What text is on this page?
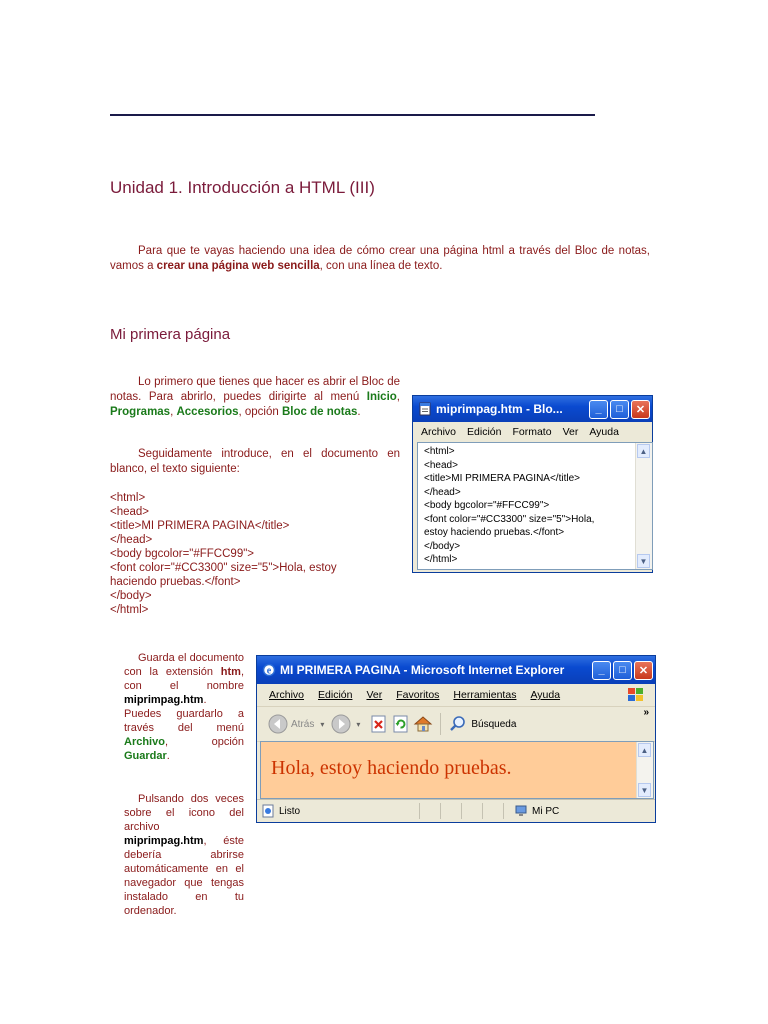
Unidad 1. Introducción a HTML (III)

Para que te vayas haciendo una idea de cómo crear una página html a través del Bloc de notas, vamos a crear una página web sencilla, con una línea de texto.

Mi primera página

Lo primero que tienes que hacer es abrir el Bloc de notas. Para abrirlo, puedes dirigirte al menú Inicio, Programas, Accesorios, opción Bloc de notas.

Seguidamente introduce, en el documento en blanco, el texto siguiente:

<html>
<head>
<title>MI PRIMERA PAGINA</title>
</head>
<body bgcolor="#FFCC99">
<font color="#CC3300" size="5">Hola, estoy
haciendo pruebas.</font>
</body>
</html>
miprimpag.htm - Blo...	_	□	✕
Archivo Edición Formato Ver Ayuda
<html>
<head>
<title>MI PRIMERA PAGINA</title>
</head>
<body bgcolor="#FFCC99">
<font color="#CC3300" size="5">Hola,
estoy haciendo pruebas.</font>
</body>
</html>
▲
▼

Guarda el documento con la extensión htm, con el nombre miprimpag.htm. Puedes guardarlo a través del menú Archivo, opción Guardar.

Pulsando dos veces sobre el icono del archivo miprimpag.htm, éste debería abrirse automáticamente en el navegador que tengas instalado en tu ordenador.

e MI PRIMERA PAGINA - Microsoft Internet Explorer	_	□	✕
Archivo Edición Ver Favoritos Herramientas Ayuda
Atrás ▾	▾	Búsqueda
»
Hola, estoy haciendo pruebas.
▲
▼
Listo	Mi PC
